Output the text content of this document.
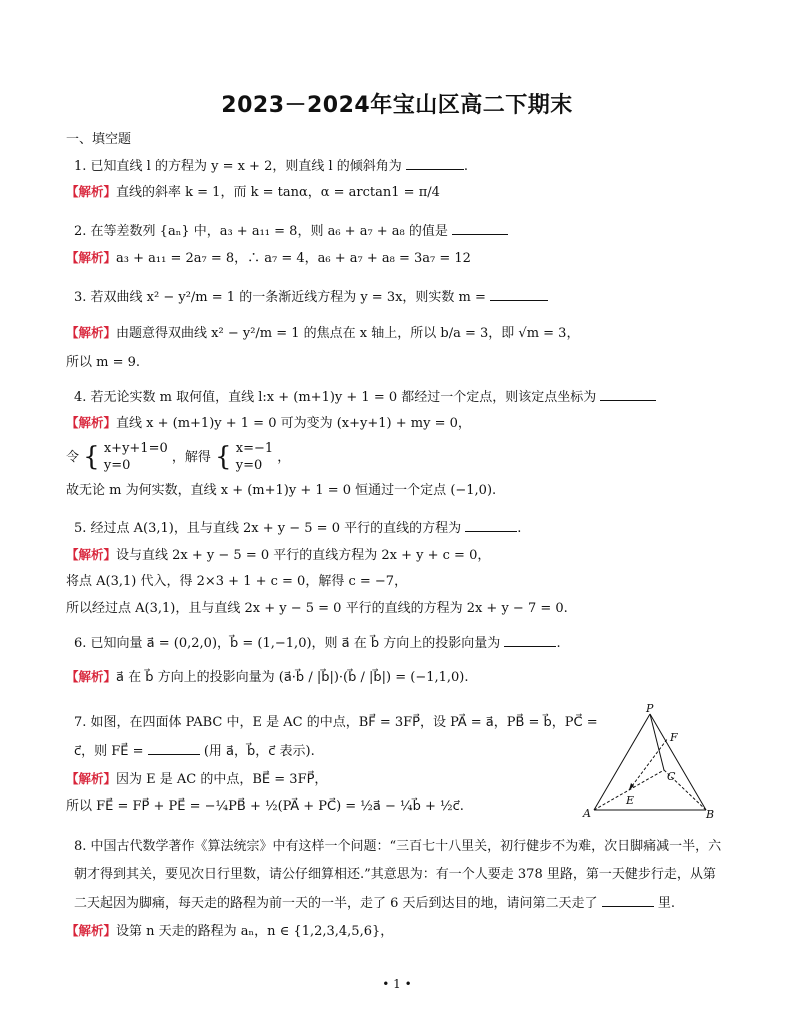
2023－2024年宝山区高二下期末
一、填空题
1. 已知直线 l 的方程为 y = x + 2，则直线 l 的倾斜角为	.
【解析】直线的斜率 k = 1，而 k = tanα，α = arctan1 = π/4
2. 在等差数列 {aₙ} 中，a₃ + a₁₁ = 8，则 a₆ + a₇ + a₈ 的值是
【解析】a₃ + a₁₁ = 2a₇ = 8，∴ a₇ = 4，a₆ + a₇ + a₈ = 3a₇ = 12
3. 若双曲线 x² − y²/m = 1 的一条渐近线方程为 y = 3x，则实数 m =
【解析】由题意得双曲线 x² − y²/m = 1 的焦点在 x 轴上，所以 b/a = 3，即 √m = 3，
所以 m = 9.
4. 若无论实数 m 取何值，直线 l:x + (m+1)y + 1 = 0 都经过一个定点，则该定点坐标为
【解析】直线 x + (m+1)y + 1 = 0 可为变为 (x+y+1) + my = 0，
令 { x+y+1=0
y=0 ，解得 { x=−1
y=0 ，
故无论 m 为何实数，直线 x + (m+1)y + 1 = 0 恒通过一个定点 (−1,0).
5. 经过点 A(3,1)，且与直线 2x + y − 5 = 0 平行的直线的方程为	.
【解析】设与直线 2x + y − 5 = 0 平行的直线方程为 2x + y + c = 0，
将点 A(3,1) 代入，得 2×3 + 1 + c = 0，解得 c = −7，
所以经过点 A(3,1)，且与直线 2x + y − 5 = 0 平行的直线的方程为 2x + y − 7 = 0.
6. 已知向量 a⃗ = (0,2,0)，b⃗ = (1,−1,0)，则 a⃗ 在 b⃗ 方向上的投影向量为	.
【解析】a⃗ 在 b⃗ 方向上的投影向量为 (a⃗·b⃗ / |b⃗|)·(b⃗ / |b⃗|) = (−1,1,0).
7. 如图，在四面体 PABC 中，E 是 AC 的中点，BF⃗ = 3FP⃗，设 PA⃗ = a⃗，PB⃗ = b⃗，PC⃗ =
c⃗，则 FE⃗ =	(用 a⃗，b⃗，c⃗ 表示).
【解析】因为 E 是 AC 的中点，BE⃗ = 3FP⃗，
所以 FE⃗ = FP⃗ + PE⃗ = −¼PB⃗ + ½(PA⃗ + PC⃗) = ½a⃗ − ¼b⃗ + ½c⃗.
P
F
C
E
A	B
8. 中国古代数学著作《算法统宗》中有这样一个问题：“三百七十八里关，初行健步不为难，次日脚痛减一半，六
朝才得到其关，要见次日行里数，请公仔细算相还.”其意思为：有一个人要走 378 里路，第一天健步行走，从第
二天起因为脚痛，每天走的路程为前一天的一半，走了 6 天后到达目的地，请问第二天走了	里.
【解析】设第 n 天走的路程为 aₙ，n ∈ {1,2,3,4,5,6}，
• 1 •
